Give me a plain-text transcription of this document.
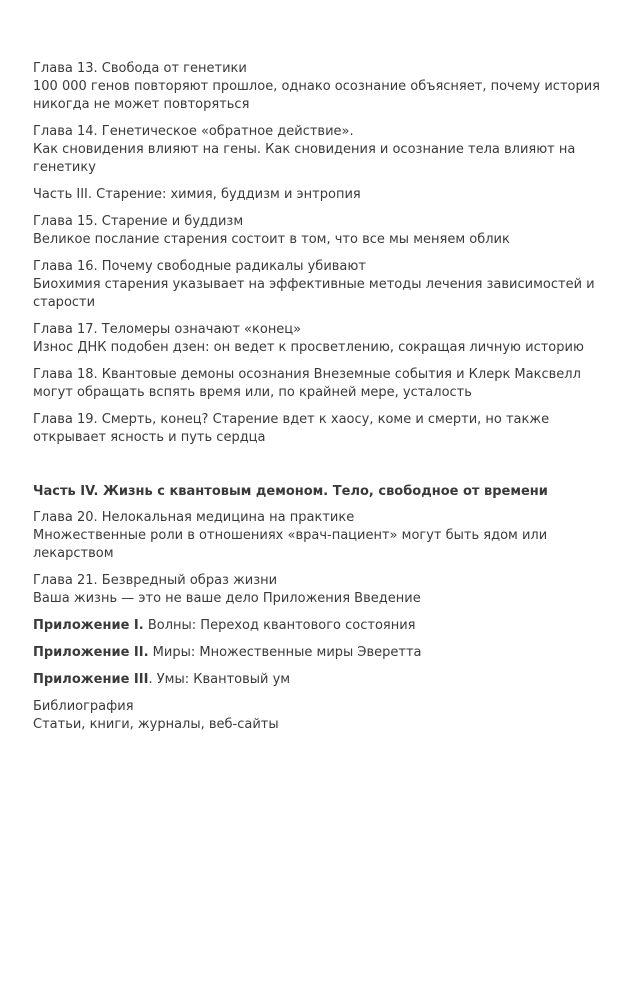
Глава 13. Свобода от генетики

100 000 генов повторяют прошлое, однако осознание объясняет, почему история никогда не может повторяться

Глава 14. Генетическое «обратное действие».

Как сновидения влияют на гены. Как сновидения и осознание тела влияют на генетику

Часть III. Старение: химия, буддизм и энтропия

Глава 15. Старение и буддизм

Великое послание старения состоит в том, что все мы меняем облик

Глава 16. Почему свободные радикалы убивают

Биохимия старения указывает на эффективные методы лечения зависимостей и старости

Глава 17. Теломеры означают «конец»

Износ ДНК подобен дзен: он ведет к просветлению, сокращая личную историю

Глава 18. Квантовые демоны осознания Внеземные события и Клерк Максвелл могут обращать вспять время или, по крайней мере, усталость

Глава 19. Смерть, конец? Старение вдет к хаосу, коме и смерти, но также открывает ясность и путь сердца

Часть IV. Жизнь с квантовым демоном. Тело, свободное от времени

Глава 20. Нелокальная медицина на практике

Множественные роли в отношениях «врач-пациент» могут быть ядом или лекарством

Глава 21. Безвредный образ жизни

Ваша жизнь — это не ваше дело Приложения Введение

Приложение I. Волны: Переход квантового состояния

Приложение II. Миры: Множественные миры Эверетта

Приложение III. Умы: Квантовый ум

Библиография

Статьи, книги, журналы, веб-сайты
